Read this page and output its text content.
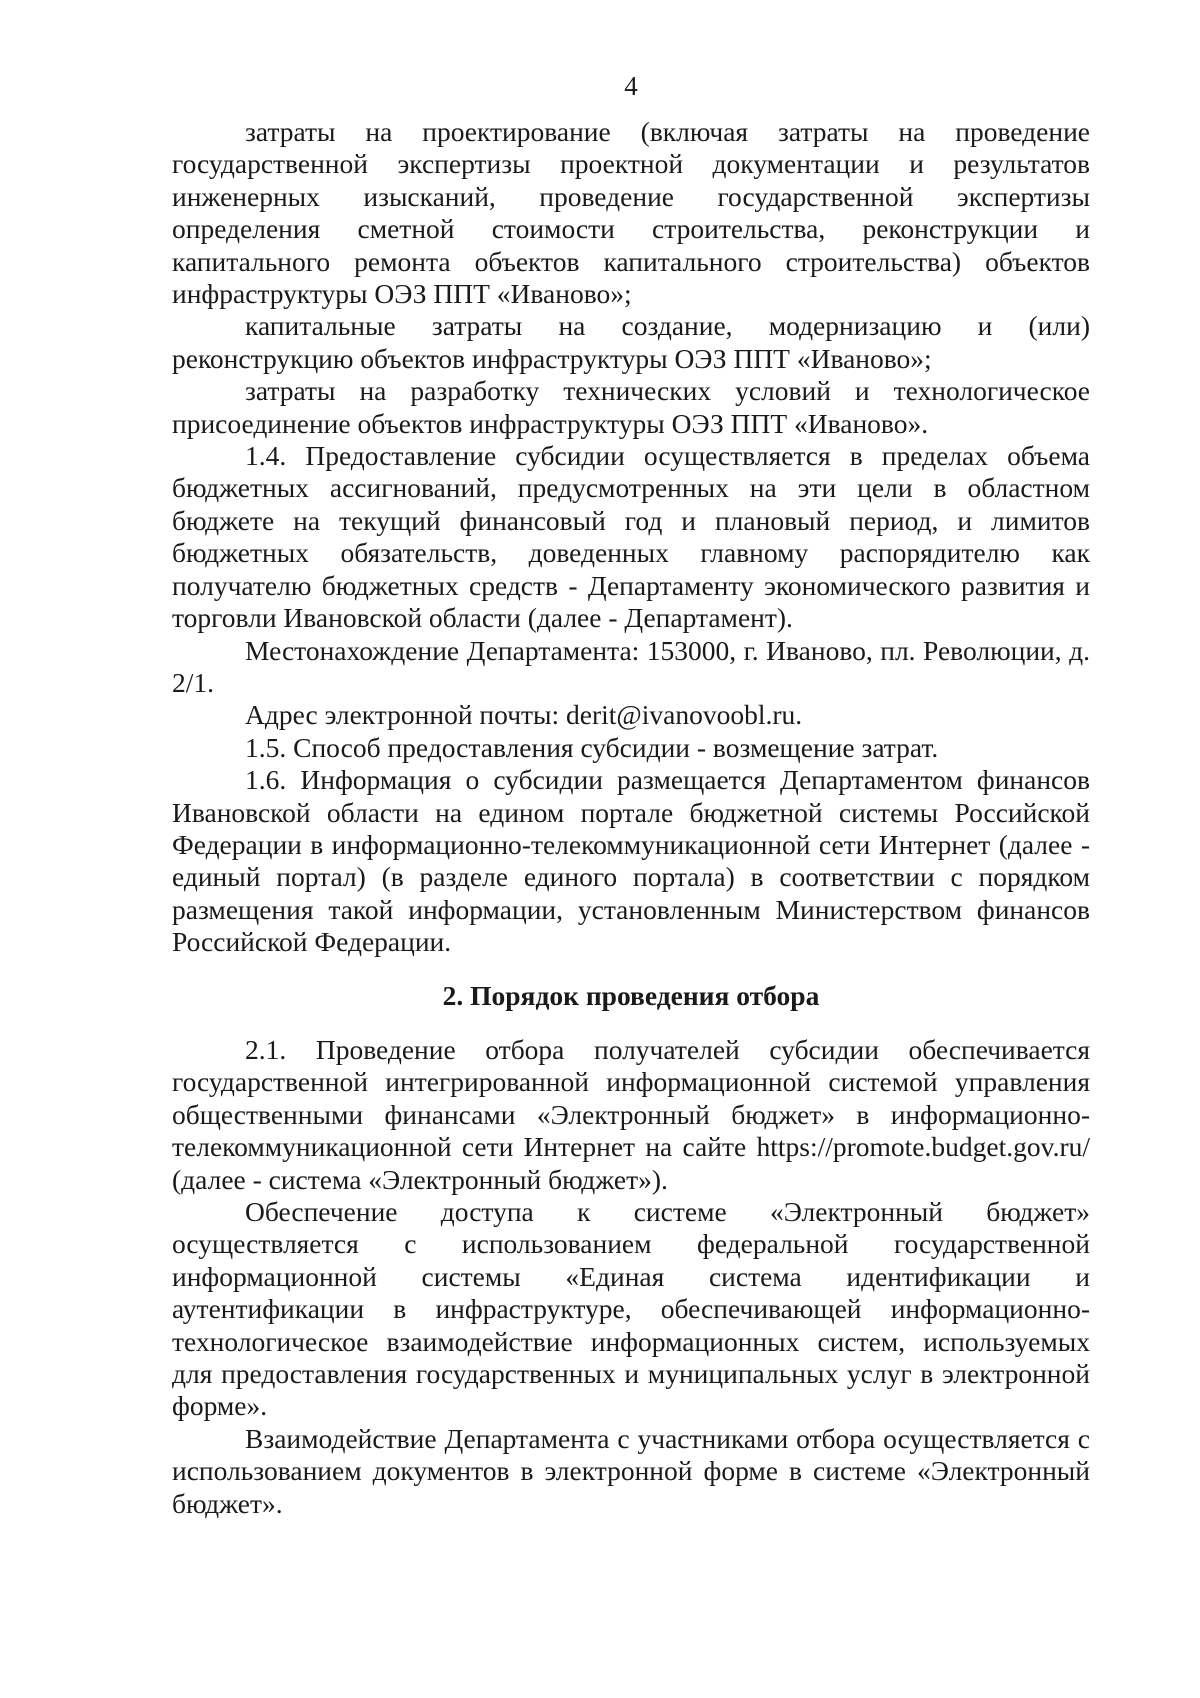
4

затраты на проектирование (включая затраты на проведение государственной экспертизы проектной документации и результатов инженерных изысканий, проведение государственной экспертизы определения сметной стоимости строительства, реконструкции и капитального ремонта объектов капитального строительства) объектов инфраструктуры ОЭЗ ППТ «Иваново»;

капитальные затраты на создание, модернизацию и (или) реконструкцию объектов инфраструктуры ОЭЗ ППТ «Иваново»;

затраты на разработку технических условий и технологическое присоединение объектов инфраструктуры ОЭЗ ППТ «Иваново».

1.4. Предоставление субсидии осуществляется в пределах объема бюджетных ассигнований, предусмотренных на эти цели в областном бюджете на текущий финансовый год и плановый период, и лимитов бюджетных обязательств, доведенных главному распорядителю как получателю бюджетных средств - Департаменту экономического развития и торговли Ивановской области (далее - Департамент).

Местонахождение Департамента: 153000, г. Иваново, пл. Революции, д. 2/1.

Адрес электронной почты: derit@ivanovoobl.ru.

1.5. Способ предоставления субсидии - возмещение затрат.

1.6. Информация о субсидии размещается Департаментом финансов Ивановской области на едином портале бюджетной системы Российской Федерации в информационно-телекоммуникационной сети Интернет (далее - единый портал) (в разделе единого портала) в соответствии с порядком размещения такой информации, установленным Министерством финансов Российской Федерации.

2. Порядок проведения отбора

2.1. Проведение отбора получателей субсидии обеспечивается государственной интегрированной информационной системой управления общественными финансами «Электронный бюджет» в информационно-телекоммуникационной сети Интернет на сайте https://promote.budget.gov.ru/ (далее - система «Электронный бюджет»).

Обеспечение доступа к системе «Электронный бюджет» осуществляется с использованием федеральной государственной информационной системы «Единая система идентификации и аутентификации в инфраструктуре, обеспечивающей информационно-технологическое взаимодействие информационных систем, используемых для предоставления государственных и муниципальных услуг в электронной форме».

Взаимодействие Департамента с участниками отбора осуществляется с использованием документов в электронной форме в системе «Электронный бюджет».
